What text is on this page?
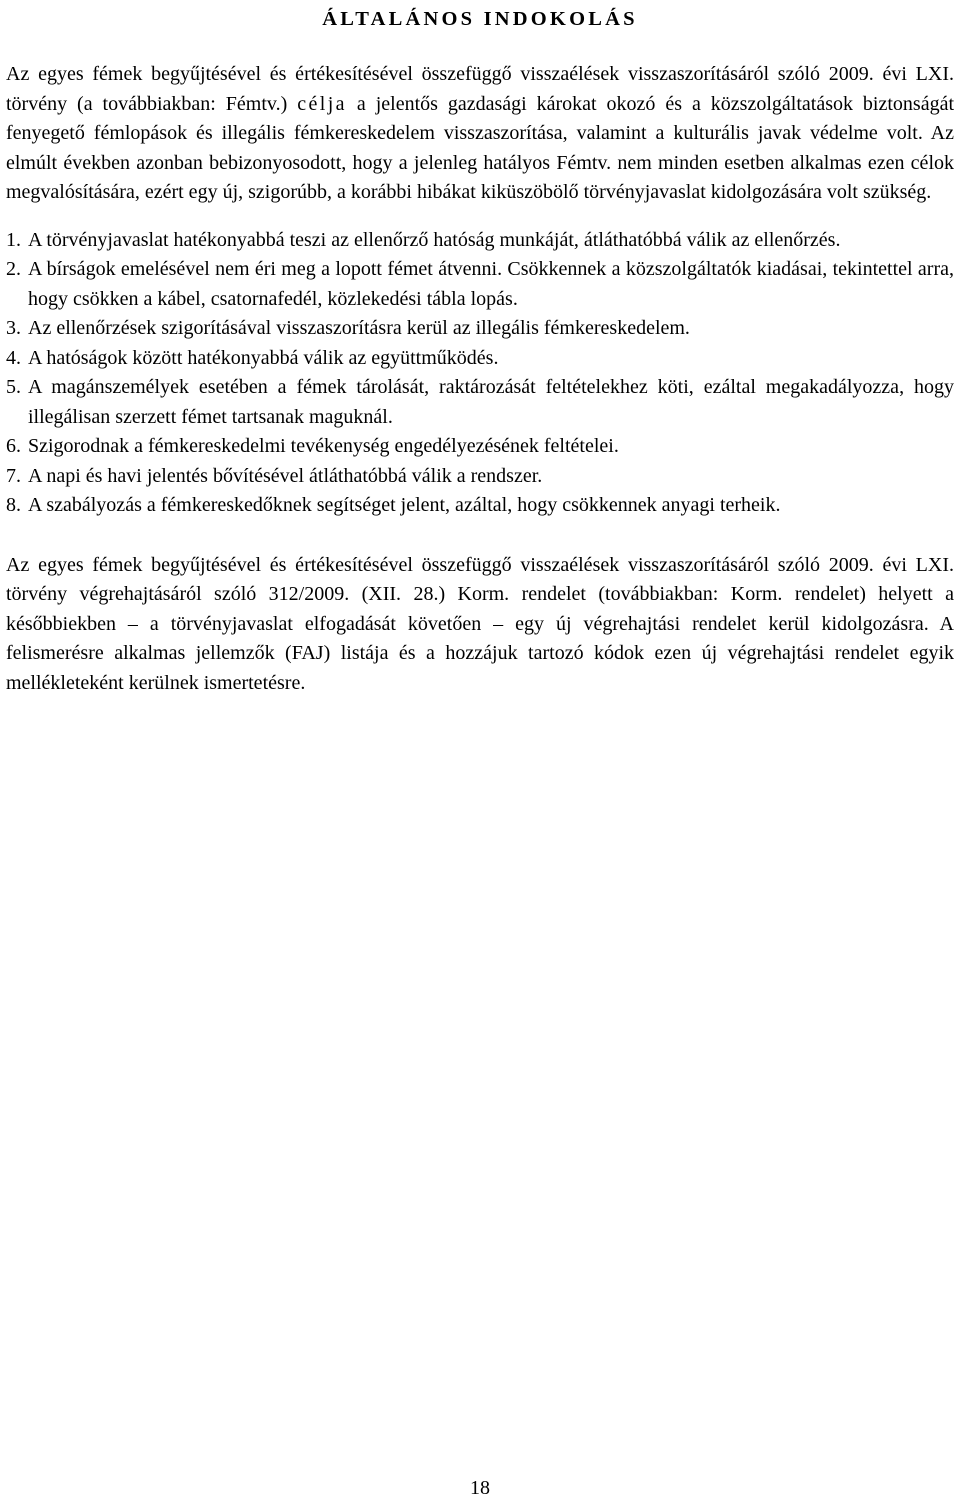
ÁLTALÁNOS INDOKOLÁS

Az egyes fémek begyűjtésével és értékesítésével összefüggő visszaélések visszaszorításáról szóló 2009. évi LXI. törvény (a továbbiakban: Fémtv.) célja a jelentős gazdasági károkat okozó és a közszolgáltatások biztonságát fenyegető fémlopások és illegális fémkereskedelem visszaszorítása, valamint a kulturális javak védelme volt. Az elmúlt években azonban bebizonyosodott, hogy a jelenleg hatályos Fémtv. nem minden esetben alkalmas ezen célok megvalósítására, ezért egy új, szigorúbb, a korábbi hibákat kiküszöbölő törvényjavaslat kidolgozására volt szükség.

1. A törvényjavaslat hatékonyabbá teszi az ellenőrző hatóság munkáját, átláthatóbbá válik az ellenőrzés.
2. A bírságok emelésével nem éri meg a lopott fémet átvenni. Csökkennek a közszolgáltatók kiadásai, tekintettel arra, hogy csökken a kábel, csatornafedél, közlekedési tábla lopás.
3. Az ellenőrzések szigorításával visszaszorításra kerül az illegális fémkereskedelem.
4. A hatóságok között hatékonyabbá válik az együttműködés.
5. A magánszemélyek esetében a fémek tárolását, raktározását feltételekhez köti, ezáltal megakadályozza, hogy illegálisan szerzett fémet tartsanak maguknál.
6. Szigorodnak a fémkereskedelmi tevékenység engedélyezésének feltételei.
7. A napi és havi jelentés bővítésével átláthatóbbá válik a rendszer.
8. A szabályozás a fémkereskedőknek segítséget jelent, azáltal, hogy csökkennek anyagi terheik.

Az egyes fémek begyűjtésével és értékesítésével összefüggő visszaélések visszaszorításáról szóló 2009. évi LXI. törvény végrehajtásáról szóló 312/2009. (XII. 28.) Korm. rendelet (továbbiakban: Korm. rendelet) helyett a későbbiekben – a törvényjavaslat elfogadását követően – egy új végrehajtási rendelet kerül kidolgozásra. A felismerésre alkalmas jellemzők (FAJ) listája és a hozzájuk tartozó kódok ezen új végrehajtási rendelet egyik mellékleteként kerülnek ismertetésre.

18
